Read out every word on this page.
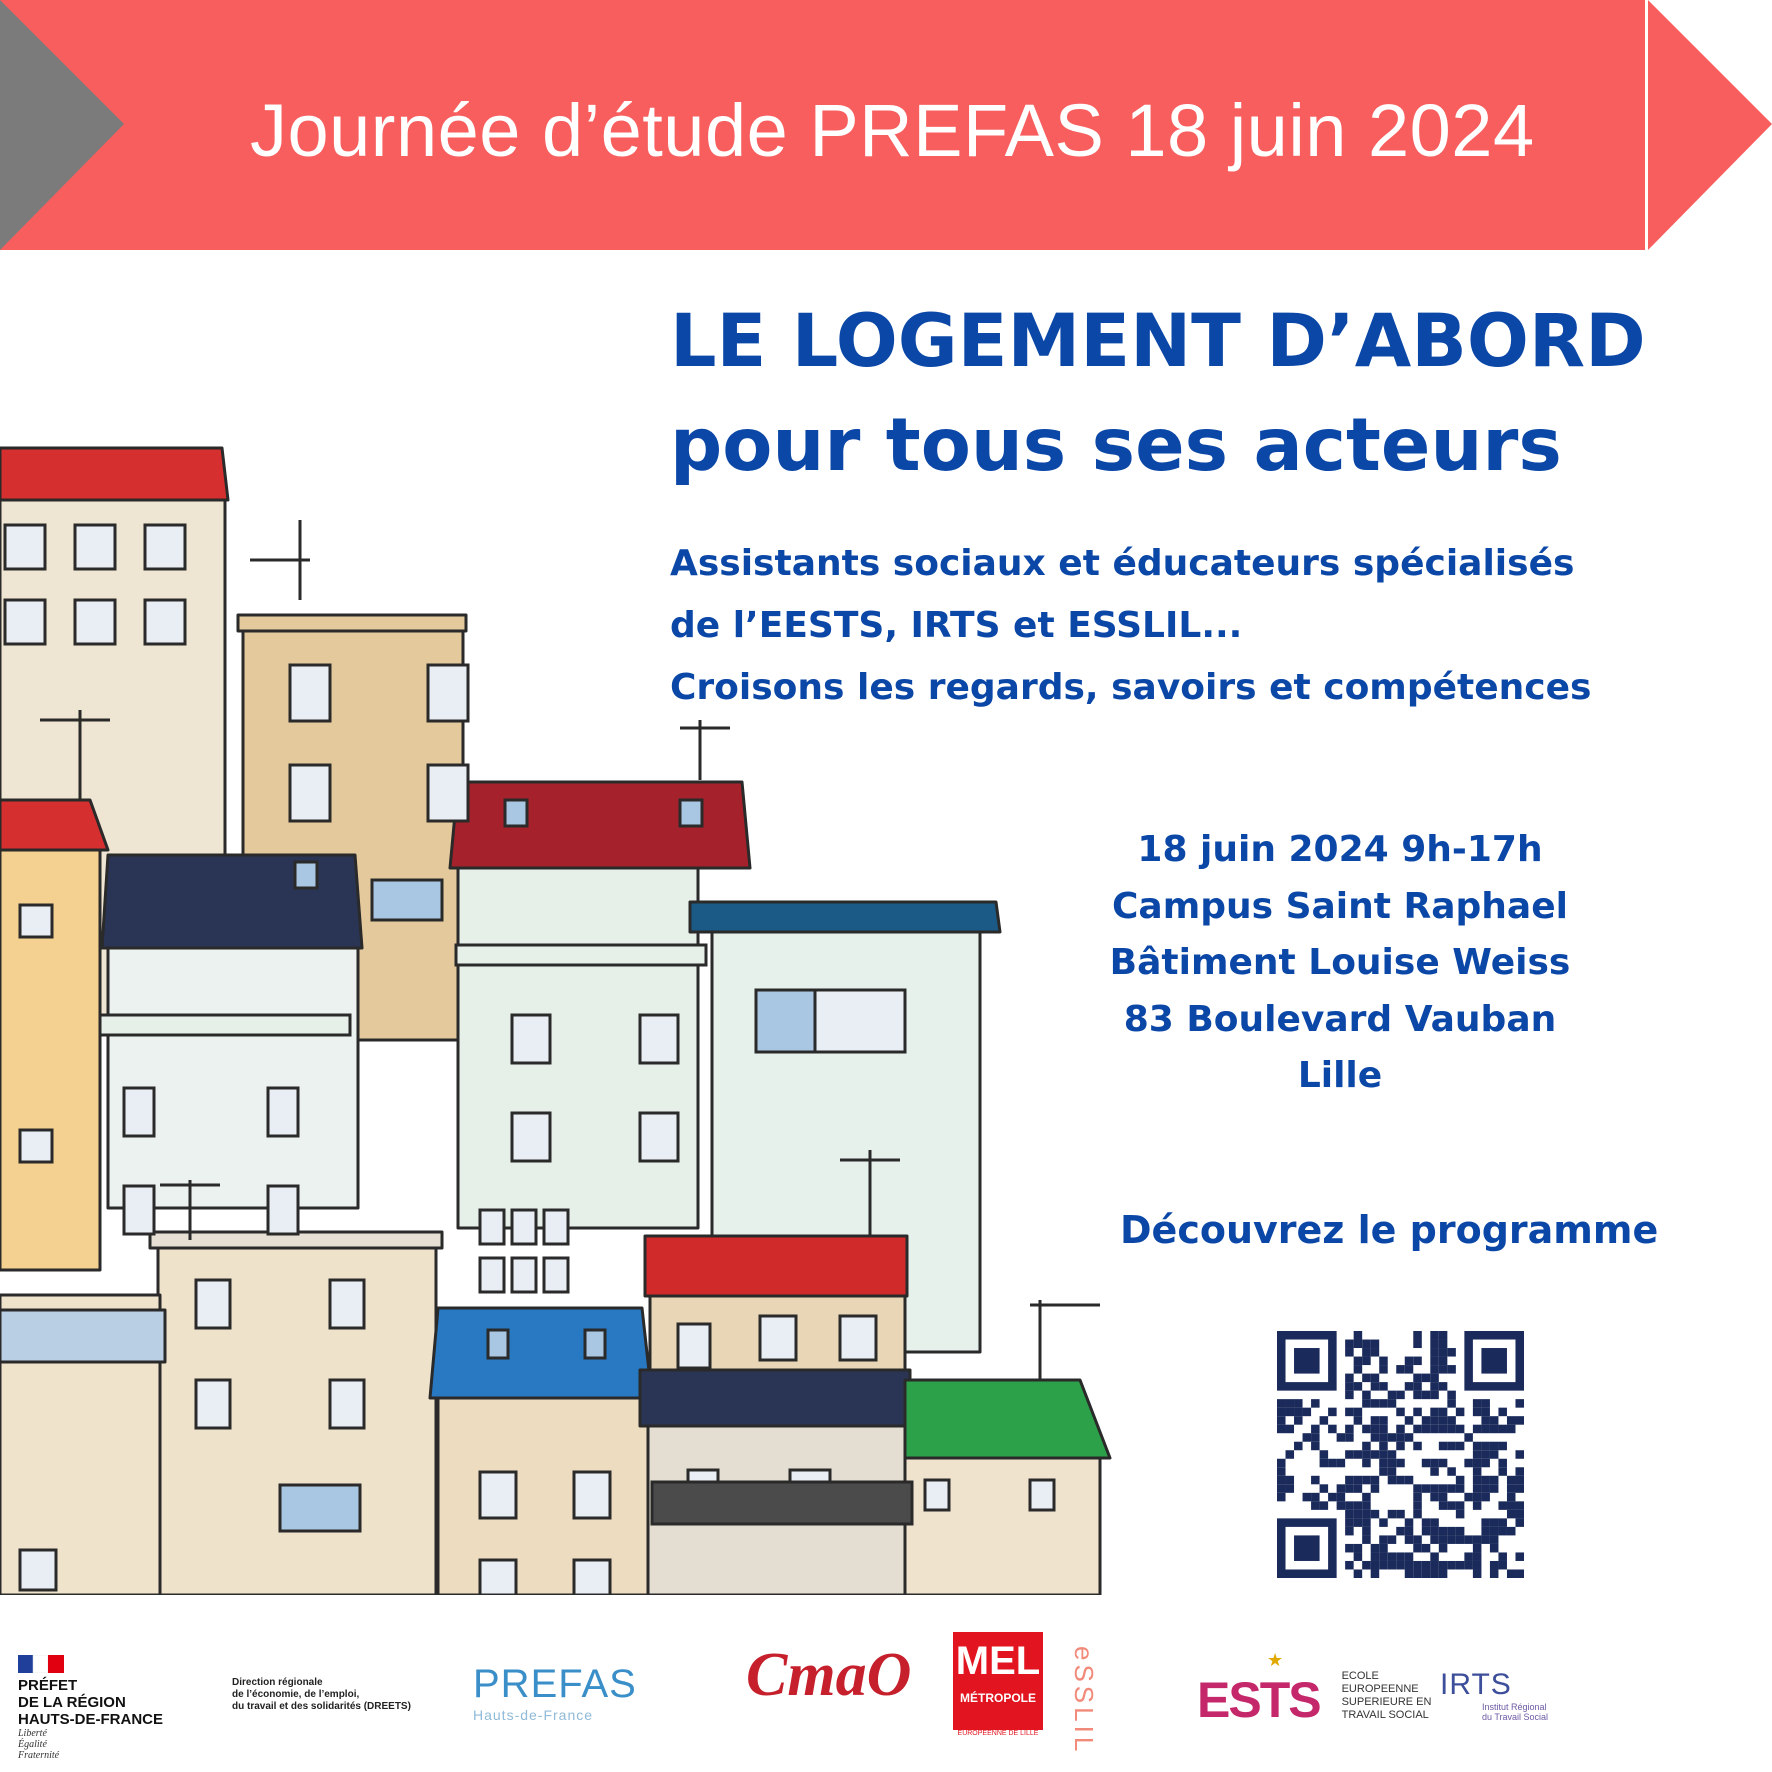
Journée d’étude PREFAS 18 juin 2024
LE LOGEMENT D’ABORD
pour tous ses acteurs
Assistants sociaux et éducateurs spécialisés
de l’EESTS, IRTS et ESSLIL...
Croisons les regards, savoirs et compétences
18 juin 2024 9h-17h
Campus Saint Raphael
Bâtiment Louise Weiss
83 Boulevard Vauban
Lille
Découvrez le programme
PRÉFET
DE LA RÉGION
HAUTS-DE-FRANCE
Liberté
Égalité
Fraternité
Direction régionale
de l’économie, de l’emploi,
du travail et des solidarités (DREETS)
PREFAS
Hauts-de-France
CmaO MEL
MÉTROPOLE
EUROPÉENNE DE LILLE eSSLIL	★
ESTS ECOLE
EUROPEENNE
SUPERIEURE EN
TRAVAIL SOCIAL
IRTS
Institut Régional
du Travail Social
